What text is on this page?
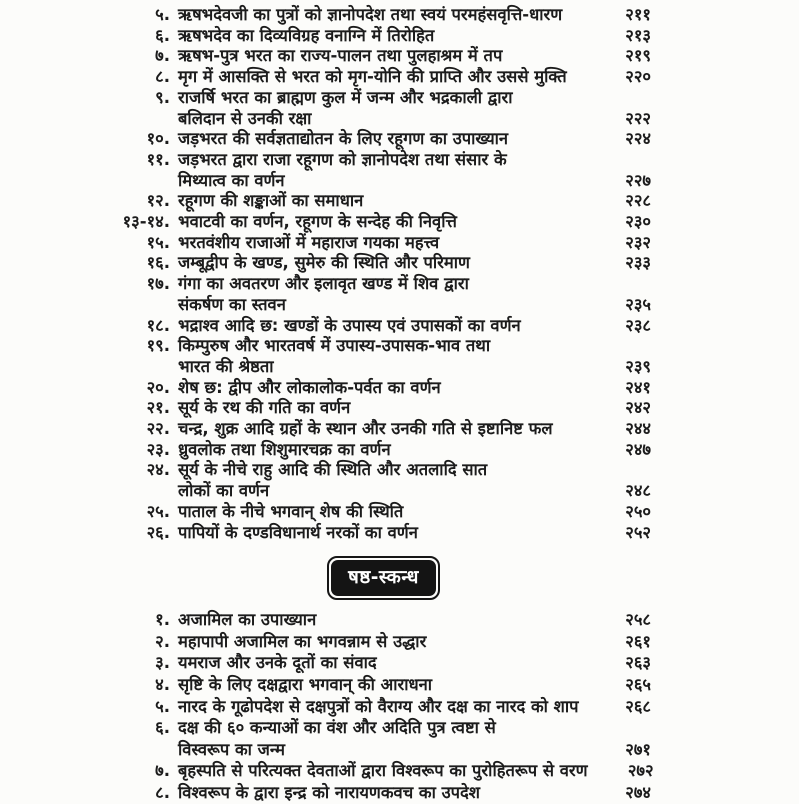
५. ऋषभदेवजी का पुत्रों को ज्ञानोपदेश तथा स्वयं परमहंसवृत्ति-धारण	२११
६. ऋषभदेव का दिव्यविग्रह वनाग्नि में तिरोहित	२१३
७. ऋषभ-पुत्र भरत का राज्य-पालन तथा पुलहाश्रम में तप	२१९
८. मृग में आसक्ति से भरत को मृग-योनि की प्राप्ति और उससे मुक्ति	२२०
९. राजर्षि भरत का ब्राह्मण कुल में जन्म और भद्रकाली द्वारा
बलिदान से उनकी रक्षा	२२२
१०. जड़भरत की सर्वज्ञताद्योतन के लिए रहूगण का उपाख्यान	२२४
११. जड़भरत द्वारा राजा रहूगण को ज्ञानोपदेश तथा संसार के
मिथ्यात्व का वर्णन	२२७
१२. रहूगण की शङ्काओं का समाधान	२२८
१३-१४. भवाटवी का वर्णन, रहूगण के सन्देह की निवृत्ति	२३०
१५. भरतवंशीय राजाओं में महाराज गयका महत्त्व	२३२
१६. जम्बूद्वीप के खण्ड, सुमेरु की स्थिति और परिमाण	२३३
१७. गंगा का अवतरण और इलावृत खण्ड में शिव द्वारा
संकर्षण का स्तवन	२३५
१८. भद्राश्व आदि छ: खण्डों के उपास्य एवं उपासकों का वर्णन	२३८
१९. किम्पुरुष और भारतवर्ष में उपास्य-उपासक-भाव तथा
भारत की श्रेष्ठता	२३९
२०. शेष छ: द्वीप और लोकालोक-पर्वत का वर्णन	२४१
२१. सूर्य के रथ की गति का वर्णन	२४२
२२. चन्द्र, शुक्र आदि ग्रहों के स्थान और उनकी गति से इष्टानिष्ट फल	२४४
२३. ध्रुवलोक तथा शिशुमारचक्र का वर्णन	२४७
२४. सूर्य के नीचे राहु आदि की स्थिति और अतलादि सात
लोकों का वर्णन	२४८
२५. पाताल के नीचे भगवान् शेष की स्थिति	२५०
२६. पापियों के दण्डविधानार्थ नरकों का वर्णन	२५२
षष्ठ-स्कन्ध
१. अजामिल का उपाख्यान	२५८
२. महापापी अजामिल का भगवन्नाम से उद्धार	२६१
३. यमराज और उनके दूतों का संवाद	२६३
४. सृष्टि के लिए दक्षद्वारा भगवान् की आराधना	२६५
५. नारद के गूढोपदेश से दक्षपुत्रों को वैराग्य और दक्ष का नारद को शाप	२६८
६. दक्ष की ६० कन्याओं का वंश और अदिति पुत्र त्वष्टा से
विस्वरूप का जन्म	२७१
७. बृहस्पति से परित्यक्त देवताओं द्वारा विश्वरूप का पुरोहितरूप से वरण	२७२
८. विश्वरूप के द्वारा इन्द्र को नारायणकवच का उपदेश	२७४
